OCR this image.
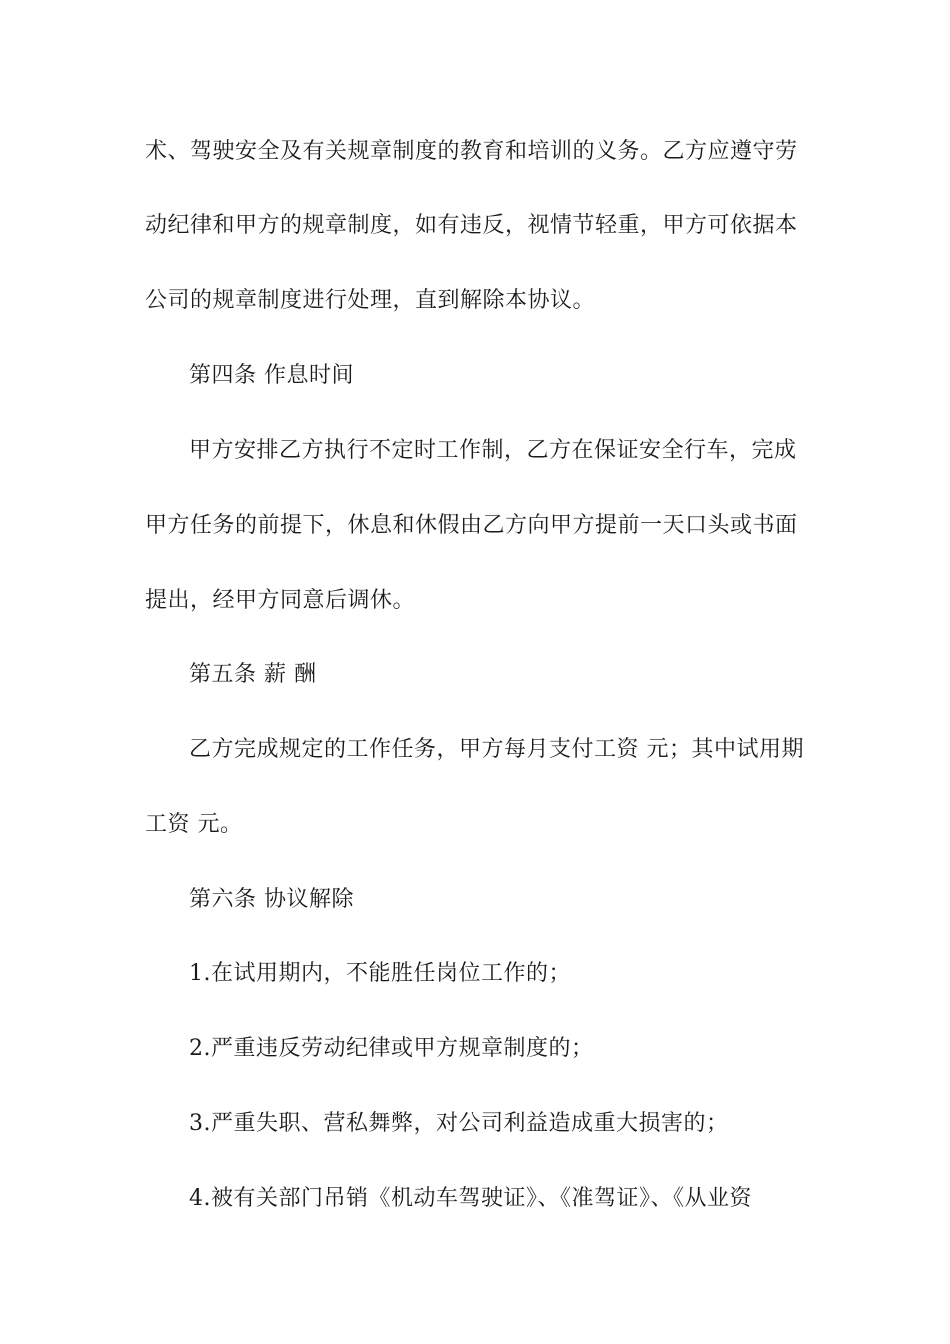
术、驾驶安全及有关规章制度的教育和培训的义务。乙方应遵守劳
动纪律和甲方的规章制度，如有违反，视情节轻重，甲方可依据本
公司的规章制度进行处理，直到解除本协议。
第四条 作息时间
甲方安排乙方执行不定时工作制，乙方在保证安全行车，完成
甲方任务的前提下，休息和休假由乙方向甲方提前一天口头或书面
提出，经甲方同意后调休。
第五条 薪 酬
乙方完成规定的工作任务，甲方每月支付工资 元；其中试用期
工资 元。
第六条 协议解除
1.在试用期内，不能胜任岗位工作的；
2.严重违反劳动纪律或甲方规章制度的；
3.严重失职、营私舞弊，对公司利益造成重大损害的；
4.被有关部门吊销《机动车驾驶证》、《准驾证》、《从业资
